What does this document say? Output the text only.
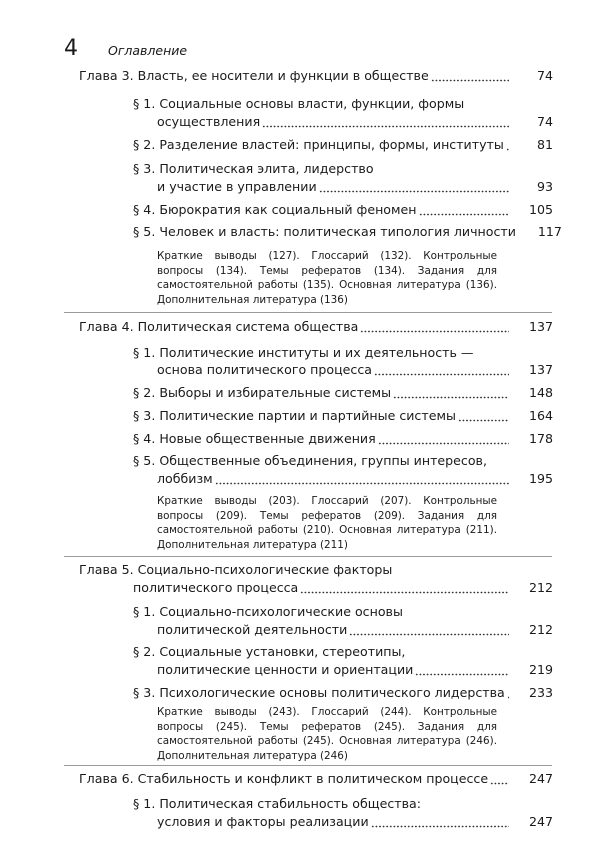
4 Оглавление
Глава 3. Власть, ее носители и функции в обществе	74
§ 1. Социальные основы власти, функции, формы
осуществления	74
§ 2. Разделение властей: принципы, формы, институты	81
§ 3. Политическая элита, лидерство
и участие в управлении	93
§ 4. Бюрократия как социальный феномен	105
§ 5. Человек и власть: политическая типология личности	117
Краткие выводы (127). Глоссарий (132). Контрольные вопросы (134). Темы рефератов (134). Задания для самостоятельной работы (135). Основная литература (136). Дополнительная литература (136)
Глава 4. Политическая система общества	137
§ 1. Политические институты и их деятельность —
основа политического процесса	137
§ 2. Выборы и избирательные системы	148
§ 3. Политические партии и партийные системы	164
§ 4. Новые общественные движения	178
§ 5. Общественные объединения, группы интересов,
лоббизм	195
Краткие выводы (203). Глоссарий (207). Контрольные вопросы (209). Темы рефератов (209). Задания для самостоятельной работы (210). Основная литература (211). Дополнительная литература (211)
Глава 5. Социально-психологические факторы
политического процесса	212
§ 1. Социально-психологические основы
политической деятельности	212
§ 2. Социальные установки, стереотипы,
политические ценности и ориентации	219
§ 3. Психологические основы политического лидерства	233
Краткие выводы (243). Глоссарий (244). Контрольные вопросы (245). Темы рефератов (245). Задания для самостоятельной работы (245). Основная литература (246). Дополнительная литература (246)
Глава 6. Стабильность и конфликт в политическом процессе	247
§ 1. Политическая стабильность общества:
условия и факторы реализации	247
